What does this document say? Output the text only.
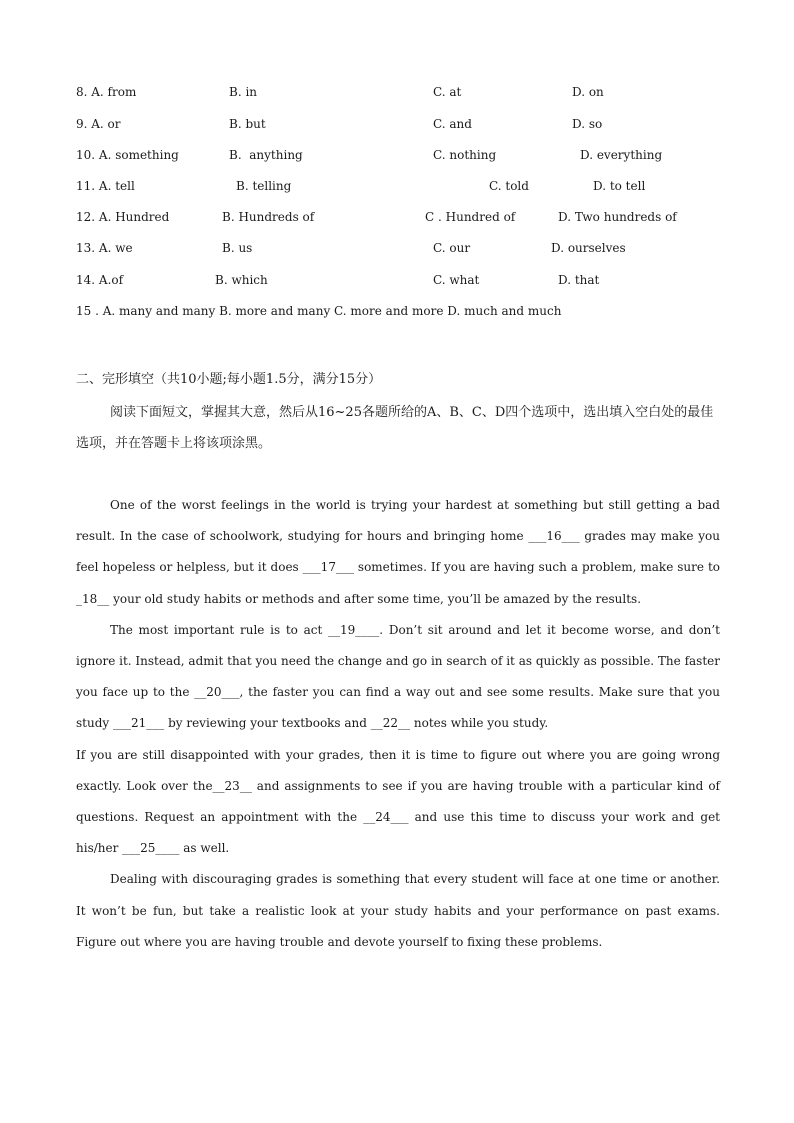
8. A. from	B. in	C. at	D. on
9. A. or	B. but	C. and	D. so
10. A. something	B.  anything	C. nothing	D. everything
11. A. tell	B. telling	C. told	D. to tell
12. A. Hundred	B. Hundreds of	C . Hundred of	D. Two hundreds of
13. A. we	B. us	C. our	D. ourselves
14. A.of	B. which	C. what	D. that
15 . A. many and many B. more and many C. more and more D. much and much
二、完形填空（共10小题;每小题1.5分，满分15分）

阅读下面短文，掌握其大意，然后从16~25各题所给的A、B、C、D四个选项中，选出填入空白处的最佳选项，并在答题卡上将该项涂黑。

One of the worst feelings in the world is trying your hardest at something but still getting a bad result. In the case of schoolwork, studying for hours and bringing home ___16___ grades may make you feel hopeless or helpless, but it does ___17___ sometimes. If you are having such a problem, make sure to _18__ your old study habits or methods and after some time, you’ll be amazed by the results.

The most important rule is to act __19____. Don’t sit around and let it become worse, and don’t ignore it. Instead, admit that you need the change and go in search of it as quickly as possible. The faster you face up to the __20___, the faster you can find a way out and see some results. Make sure that you study ___21___ by reviewing your textbooks and __22__ notes while you study.

If you are still disappointed with your grades, then it is time to figure out where you are going wrong exactly. Look over the__23__ and assignments to see if you are having trouble with a particular kind of questions. Request an appointment with the __24___ and use this time to discuss your work and get his/her ___25____ as well.

Dealing with discouraging grades is something that every student will face at one time or another. It won’t be fun, but take a realistic look at your study habits and your performance on past exams. Figure out where you are having trouble and devote yourself to fixing these problems.
